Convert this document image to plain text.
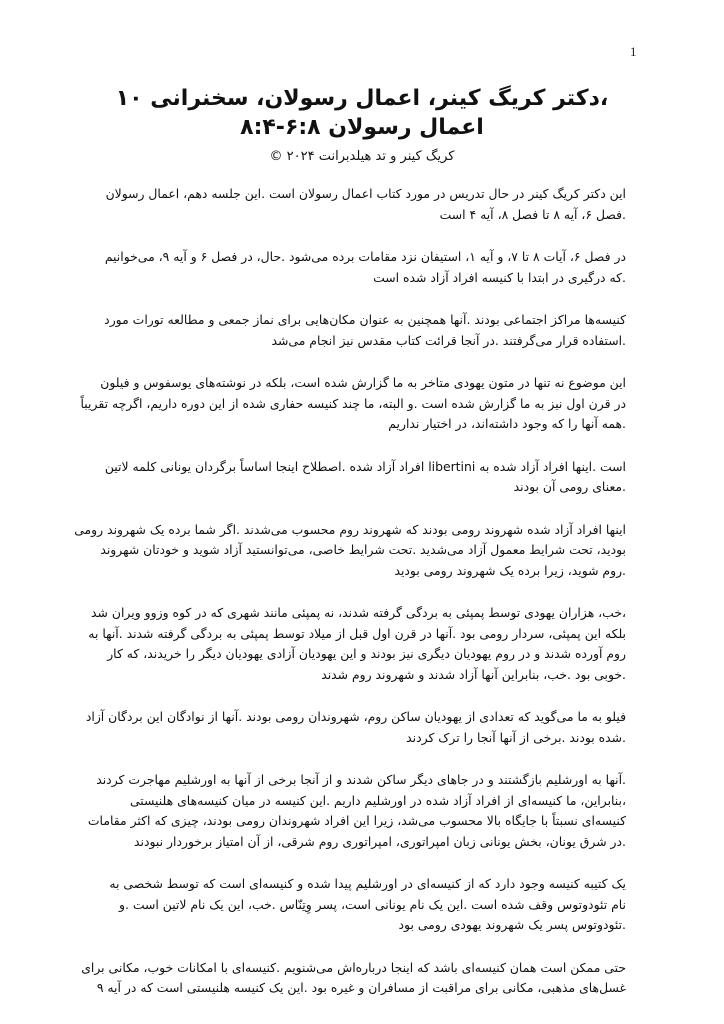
1
،دکتر کریگ کینر، اعمال رسولان، سخنرانی ۱۰
اعمال رسولان ۶:۸-۸:۴
کریگ کینر و تد هیلدبرانت ۲۰۲۴ ©
این دکتر کریگ کینر در حال تدریس در مورد کتاب اعمال رسولان است .این جلسه دهم، اعمال رسولان
.فصل ۶، آیه ۸ تا فصل ۸، آیه ۴ است
در فصل ۶، آیات ۸ تا ۷، و آیه ۱، استیفان نزد مقامات برده می‌شود .حال، در فصل ۶ و آیه ۹، می‌خوانیم
.که درگیری در ابتدا با کنیسه افراد آزاد شده است
کنیسه‌ها مراکز اجتماعی بودند .آنها همچنین به عنوان مکان‌هایی برای نماز جمعی و مطالعه تورات مورد
.استفاده قرار می‌گرفتند .در آنجا قرائت کتاب مقدس نیز انجام می‌شد
این موضوع نه تنها در متون یهودی متاخر به ما گزارش شده است، بلکه در نوشته‌های یوسفوس و فیلون
در قرن اول نیز به ما گزارش شده است .و البته، ما چند کنیسه حفاری شده از این دوره داریم، اگرچه تقریباً
.همه آنها را که وجود داشته‌اند، در اختیار نداریم
است .اینها افراد آزاد شده به libertini افراد آزاد شده .اصطلاح اینجا اساساً برگردان یونانی کلمه لاتین
.معنای رومی آن بودند
اینها افراد آزاد شده شهروند رومی بودند که شهروند روم محسوب می‌شدند .اگر شما برده یک شهروند رومی
بودید، تحت شرایط معمول آزاد می‌شدید .تحت شرایط خاصی، می‌توانستید آزاد شوید و خودتان شهروند
.روم شوید، زیرا برده یک شهروند رومی بودید
،خب، هزاران یهودی توسط پمپئی به بردگی گرفته شدند، نه پمپئی مانند شهری که در کوه وزوو ویران شد
بلکه این پمپئی، سردار رومی بود .آنها در قرن اول قبل از میلاد توسط پمپئی به بردگی گرفته شدند .آنها به
روم آورده شدند و در روم یهودیان دیگری نیز بودند و این یهودیان آزادی یهودیان دیگر را خریدند، که کار
.خوبی بود .خب، بنابراین آنها آزاد شدند و شهروند روم شدند
فیلو به ما می‌گوید که تعدادی از یهودیان ساکن روم، شهروندان رومی بودند .آنها از نوادگان این بردگان آزاد
.شده بودند .برخی از آنها آنجا را ترک کردند
.آنها به اورشلیم بازگشتند و در جاهای دیگر ساکن شدند و از آنجا برخی از آنها به اورشلیم مهاجرت کردند
،بنابراین، ما کنیسه‌ای از افراد آزاد شده در اورشلیم داریم .این کنیسه در میان کنیسه‌های هلنیستی
کنیسه‌ای نسبتاً با جایگاه بالا محسوب می‌شد، زیرا این افراد شهروندان رومی بودند، چیزی که اکثر مقامات
.در شرق یونان، بخش یونانی زبان امپراتوری، امپراتوری روم شرقی، از آن امتیاز برخوردار نبودند
یک کتیبه کنیسه وجود دارد که از کنیسه‌ای در اورشلیم پیدا شده و کنیسه‌ای است که توسط شخصی به
نام تئودوتوس وقف شده است .این یک نام یونانی است، پسر وِتِنّاس .خب، این یک نام لاتین است .و
.تئودوتوس پسر یک شهروند یهودی رومی بود
حتی ممکن است همان کنیسه‌ای باشد که اینجا درباره‌اش می‌شنویم .کنیسه‌ای با امکانات خوب، مکانی برای
غسل‌های مذهبی، مکانی برای مراقبت از مسافران و غیره بود .این یک کنیسه هلنیستی است که در آیه ۹
